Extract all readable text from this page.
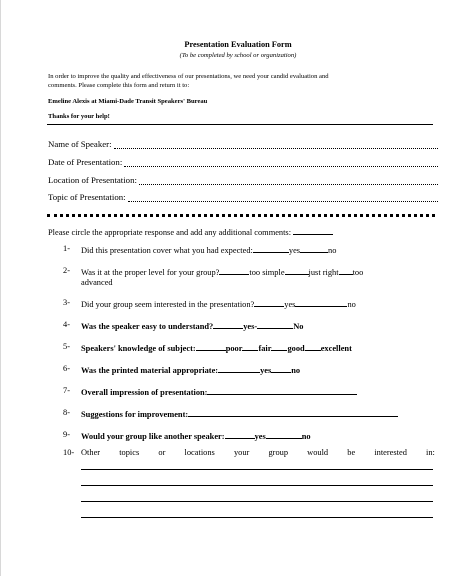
Presentation Evaluation Form
(To be completed by school or organization)
In order to improve the quality and effectiveness of our presentations, we need your candid evaluation and
comments. Please complete this form and return it to:
Emeline Alexis at Miami-Dade Transit Speakers' Bureau
Thanks for your help!
Name of Speaker:
Date of Presentation:
Location of Presentation:
Topic of Presentation:
Please circle the appropriate response and add any additional comments:
1- Did this presentation cover what you had expected:	yes	no
2- Was it at the proper level for your group?	too simple	just right too
advanced
3- Did your group seem interested in the presentation?	yes	no
4- Was the speaker easy to understand?	yes-	No
5- Speakers' knowledge of subject:	poor fair good excellent
6- Was the printed material appropriate:	yes no
7- Overall impression of presentation:
8- Suggestions for improvement:
9- Would your group like another speaker:	yes	no
10- Other topics or locations your group would be interested in:
